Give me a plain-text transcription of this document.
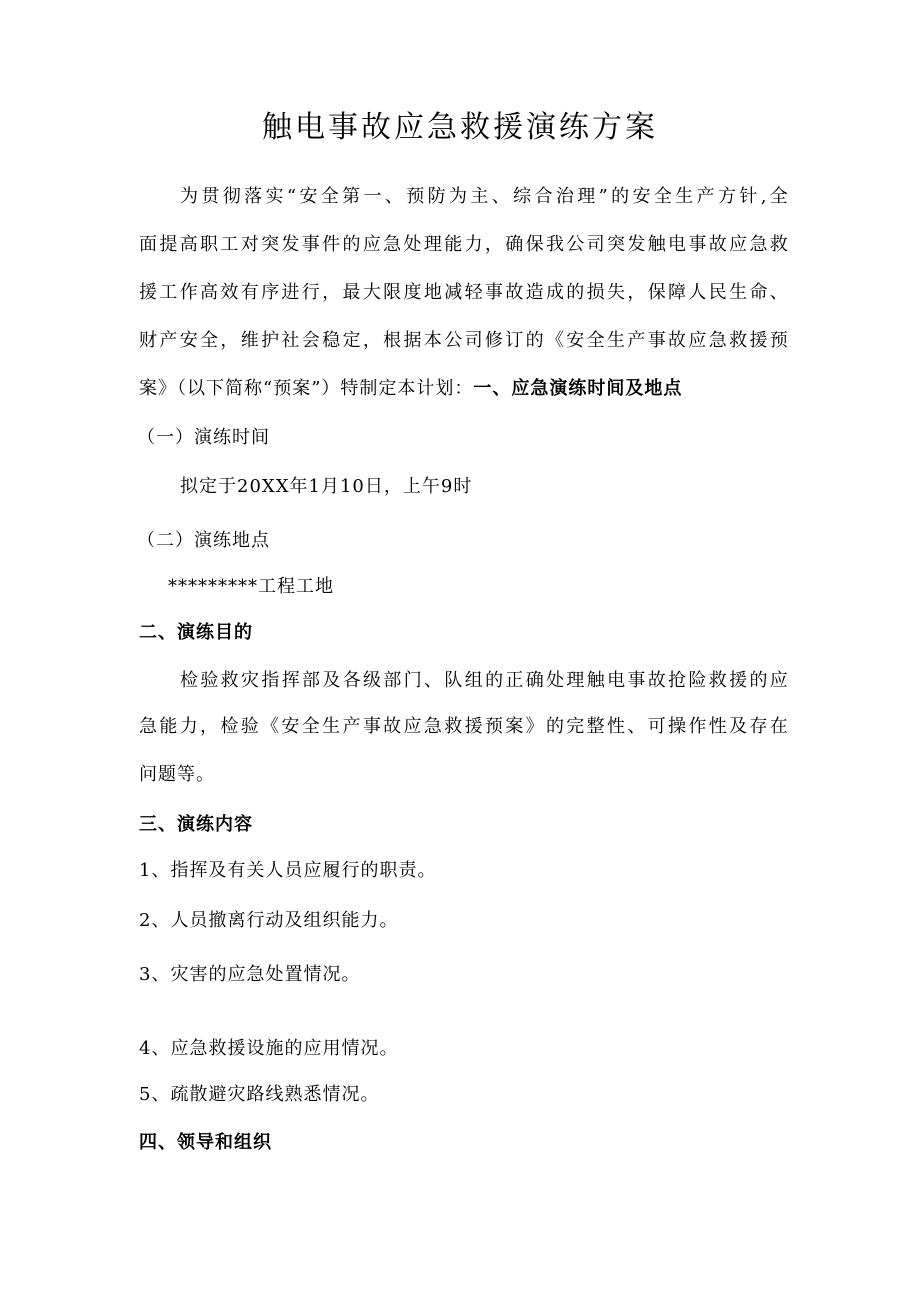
触电事故应急救援演练方案
为贯彻落实“安全第一、预防为主、综合治理”的安全生产方针,全
面提高职工对突发事件的应急处理能力，确保我公司突发触电事故应急救
援工作高效有序进行，最大限度地减轻事故造成的损失，保障人民生命、
财产安全，维护社会稳定，根据本公司修订的《安全生产事故应急救援预
案》（以下简称“预案”）特制定本计划：一、应急演练时间及地点
（一）演练时间
拟定于20XX年1月10日，上午9时
（二）演练地点
*********工程工地
二、演练目的
检验救灾指挥部及各级部门、队组的正确处理触电事故抢险救援的应
急能力，检验《安全生产事故应急救援预案》的完整性、可操作性及存在
问题等。
三、演练内容
1、指挥及有关人员应履行的职责。
2、人员撤离行动及组织能力。
3、灾害的应急处置情况。
4、应急救援设施的应用情况。
5、疏散避灾路线熟悉情况。
四、领导和组织
